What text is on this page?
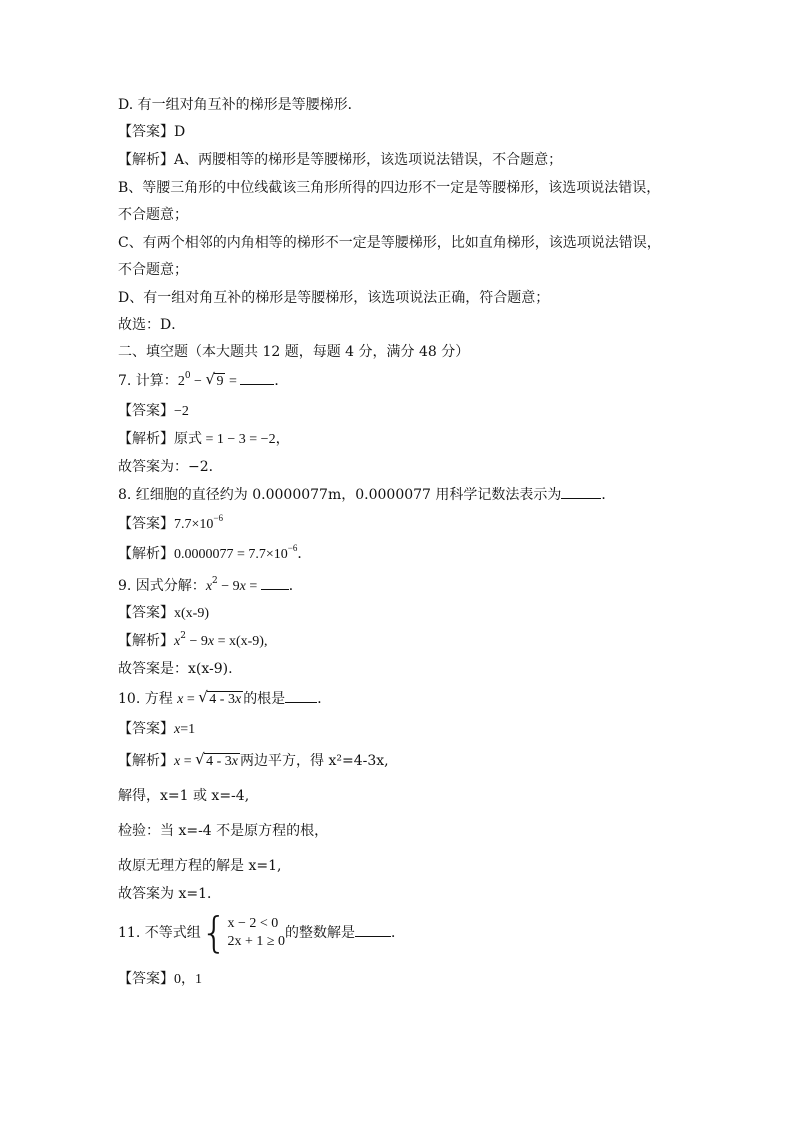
D. 有一组对角互补的梯形是等腰梯形．
【答案】D
【解析】A、两腰相等的梯形是等腰梯形，该选项说法错误，不合题意；
B、等腰三角形的中位线截该三角形所得的四边形不一定是等腰梯形，该选项说法错误，
不合题意；
C、有两个相邻的内角相等的梯形不一定是等腰梯形，比如直角梯形，该选项说法错误，
不合题意；
D、有一组对角互补的梯形是等腰梯形，该选项说法正确，符合题意；
故选：D．
二、填空题（本大题共 12 题，每题 4 分，满分 48 分）
7. 计算：$2^0$ − √ 9 = ．
【答案】−2
【解析】原式 = 1 − 3 = −2，
故答案为：−2．
8. 红细胞的直径约为 0.0000077m，0.0000077 用科学记数法表示为	．
【答案】$7.7\times 10^{-6}$
【解析】$0.0000077 = 7.7\times 10^{-6}$．
9. 因式分解：$x^2 - 9x$ = ．
【答案】x(x-9)
【解析】$x^2 - 9x = x(x-9)$,
故答案是：x(x-9).
10. 方程 x = √ 4 - 3x 的根是 ．
【答案】x=1
【解析】x = √ 4 - 3x 两边平方，得 x²=4-3x,
解得，x=1 或 x=-4,
检验：当 x=-4 不是原方程的根，
故原无理方程的解是 x=1,
故答案为 x=1．
11. 不等式组{ x − 2 < 0
2x + 1 ≥ 0
的整数解是	．
【答案】0，1
